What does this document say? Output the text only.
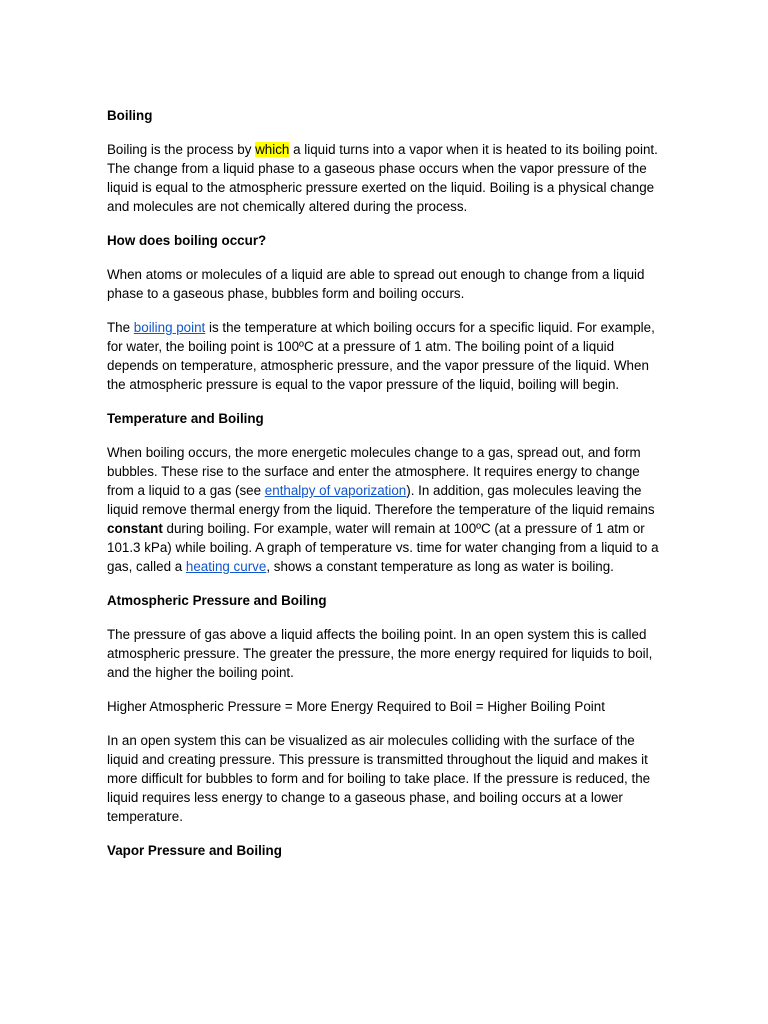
Boiling
Boiling is the process by which a liquid turns into a vapor when it is heated to its boiling point. The change from a liquid phase to a gaseous phase occurs when the vapor pressure of the liquid is equal to the atmospheric pressure exerted on the liquid. Boiling is a physical change and molecules are not chemically altered during the process.
How does boiling occur?
When atoms or molecules of a liquid are able to spread out enough to change from a liquid phase to a gaseous phase, bubbles form and boiling occurs.
The boiling point is the temperature at which boiling occurs for a specific liquid. For example, for water, the boiling point is 100ºC at a pressure of 1 atm. The boiling point of a liquid depends on temperature, atmospheric pressure, and the vapor pressure of the liquid. When the atmospheric pressure is equal to the vapor pressure of the liquid, boiling will begin.
Temperature and Boiling
When boiling occurs, the more energetic molecules change to a gas, spread out, and form bubbles. These rise to the surface and enter the atmosphere. It requires energy to change from a liquid to a gas (see enthalpy of vaporization). In addition, gas molecules leaving the liquid remove thermal energy from the liquid. Therefore the temperature of the liquid remains constant during boiling. For example, water will remain at 100ºC (at a pressure of 1 atm or 101.3 kPa) while boiling. A graph of temperature vs. time for water changing from a liquid to a gas, called a heating curve, shows a constant temperature as long as water is boiling.
Atmospheric Pressure and Boiling
The pressure of gas above a liquid affects the boiling point. In an open system this is called atmospheric pressure. The greater the pressure, the more energy required for liquids to boil, and the higher the boiling point.
Higher Atmospheric Pressure = More Energy Required to Boil = Higher Boiling Point
In an open system this can be visualized as air molecules colliding with the surface of the liquid and creating pressure. This pressure is transmitted throughout the liquid and makes it more difficult for bubbles to form and for boiling to take place. If the pressure is reduced, the liquid requires less energy to change to a gaseous phase, and boiling occurs at a lower temperature.
Vapor Pressure and Boiling
